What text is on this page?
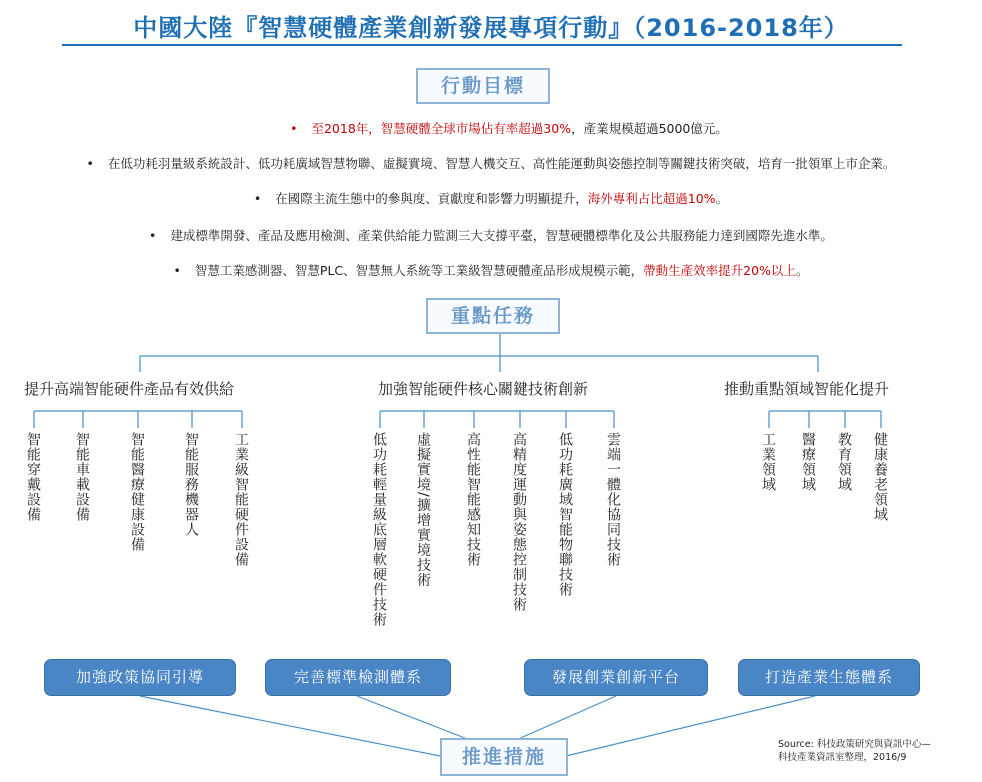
中國大陸『智慧硬體產業創新發展專項行動』（2016-2018年）
行動目標
• 至2018年，智慧硬體全球市場佔有率超過30%，產業規模超過5000億元。
• 在低功耗羽量級系統設計、低功耗廣域智慧物聯、虛擬實境、智慧人機交互、高性能運動與姿態控制等關鍵技術突破，培育一批領軍上市企業。
• 在國際主流生態中的參與度、貢獻度和影響力明顯提升，海外專利占比超過10%。
• 建成標準開發、產品及應用檢測、產業供給能力監測三大支撐平臺，智慧硬體標準化及公共服務能力達到國際先進水準。
• 智慧工業感測器、智慧PLC、智慧無人系統等工業級智慧硬體產品形成規模示範，帶動生產效率提升20%以上。
重點任務
提升高端智能硬件產品有效供給	加強智能硬件核心關鍵技術創新	推動重點領域智能化提升
智能穿戴設備 智能車載設備	智能醫療健康設備	智能服務機器人 工業級智能硬件設備	低功耗輕量級底層軟硬件技術 虛擬實境/擴增實境技術 高性能智能感知技術 高精度運動與姿態控制技術 低功耗廣域智能物聯技術 雲端一體化協同技術	工業領域 醫療領域 教育領域 健康養老領域
加強政策協同引導	完善標準檢測體系	發展創業創新平台	打造產業生態體系
推進措施
Source: 科技政策研究與資訊中心—
科技產業資訊室整理，2016/9
